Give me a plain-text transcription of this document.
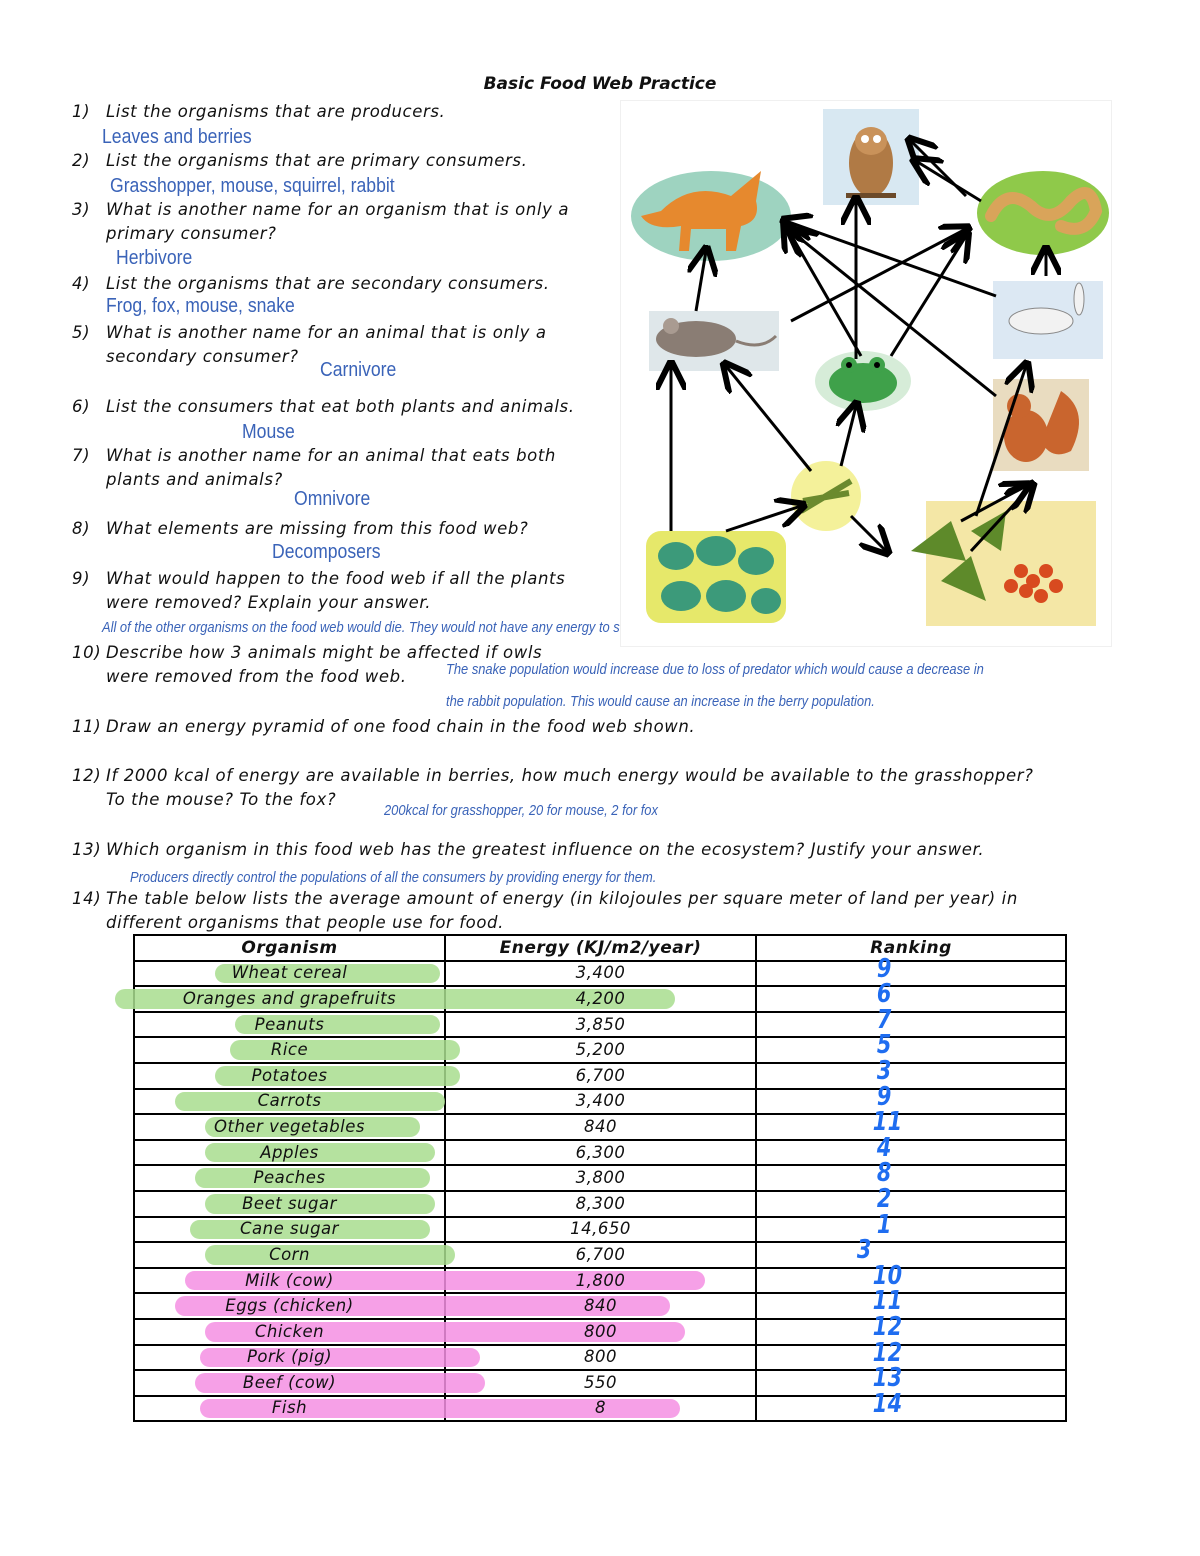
Basic Food Web Practice
1) List the organisms that are producers.
2) List the organisms that are primary consumers.
3) What is another name for an organism that is only a
primary consumer?
4) List the organisms that are secondary consumers.
5) What is another name for an animal that is only a
secondary consumer?
6) List the consumers that eat both plants and animals.
7) What is another name for an animal that eats both
plants and animals?
8) What elements are missing from this food web?
9) What would happen to the food web if all the plants
were removed? Explain your answer.
10) Describe how 3 animals might be affected if owls
were removed from the food web.
11) Draw an energy pyramid of one food chain in the food web shown.
12) If 2000 kcal of energy are available in berries, how much energy would be available to the grasshopper?
To the mouse? To the fox?
13) Which organism in this food web has the greatest influence on the ecosystem? Justify your answer.
14) The table below lists the average amount of energy (in kilojoules per square meter of land per year) in
different organisms that people use for food.
Leaves and berries
Grasshopper, mouse, squirrel, rabbit
Herbivore
Frog, fox, mouse, snake
Carnivore
Mouse
Omnivore
Decomposers
All of the other organisms on the food web would die. They would not have any energy to survive.
The snake population would increase due to loss of predator which would cause a decrease in
the rabbit population. This would cause an increase in the berry population.
200kcal for grasshopper, 20 for mouse, 2 for fox
Producers directly control the populations of all the consumers by providing energy for them.
Organism	Energy (KJ/m2/year)	Ranking

Wheat cereal	3,400	9

Oranges and grapefruits	4,200	6

Peanuts	3,850	7

Rice	5,200	5

Potatoes	6,700	3

Carrots	3,400	9

Other vegetables	840	11

Apples	6,300	4

Peaches	3,800	8

Beet sugar	8,300	2

Cane sugar	14,650	1

Corn	6,700	3

Milk (cow)	1,800	10

Eggs (chicken)	840	11

Chicken	800	12

Pork (pig)	800	12

Beef (cow)	550	13

Fish	8	14
